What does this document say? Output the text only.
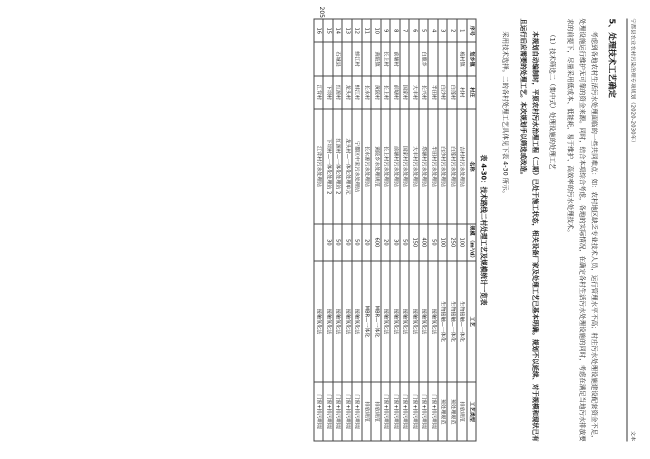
宁都县农业农村污染治理专项规划（2020-2030年）
文本
5、处理技术工艺确定

考虑到各地农村生活污水处理面临的一些共同难点：如：农村地区缺乏专业技术人员，运行管理水平不高；村庄污水处理设施建设配套资金不足，处理设施运行维护无可靠的资金来源。同时，结合本项综合考虑，各地的实际情况，在确定各村生活污水处理设施的同时，考虑在满足当地污水排放要求的前提下，尽量采用低成本、低能耗、易于维护、高效率的污水处理技术。

（1）技术筛选二（集中式）处理设施的处理工艺

本规划自动编制时，平原农村污水治理工程（二期）已处于施工状态，相关设备厂家及处理工艺已基本明确。规划不以延续、对于规模和现状已有且运行后应需要的处理工艺。本次规划手以筛选或改造。

采用技术选择。二的各村处理工艺具体见下表 4-30 所示。

表 4-30：技术路线二村处理工艺及规模统计一览表
序号	划乡镇	村庄	名称	规模 （m³/d）	工艺	工艺类型
1	梅村镇	村村	吉村村污水处理站	100	生物接触—一体化	排放规范
2		白莲村	白莲村污水处理站	250	生物接触—一体化	预处理规范
3		白沙村	白沙村污水处理站	100	生物接触—一体化	预处理规范
4		半田村	半田村污水处理站	50	接触氧化法	门窗+排污明堤
5	白鹿乡	长兴村	塔塘村污水处理站	400	接触氧化法	门窗+排污明堤
6		大丰村	大丰村污水处理站	150	接触氧化法	门窗+排污明堤
7		国家村	国家村污水处理站	50	接触氧化法	门窗+排污明堤
8	前塘村	前塘村	前塘村污水处理站	30	接触氧化法	门窗+排污明堤
9	长上村	长上村	长上村污水处理站	20	接触氧化法	门窗+排污明堤
10	黄陂镇	黄陂村	黄陂乡水处理规范	600	MBR—一体化	排放规范
11		长水村	长水源污水处理站	20	MBR—一体化	排放规范
12	蚌江村	蚌江村	宁都区中家污水处理站	50	接触氧化法	门窗+排污明堤
13		龙头村	龙头村—一体化处理单元	50	接触氧化法	门窗+排污明堤
14	石城县	红源村	红源村—一体化处理站 2	50	接触氧化法	门窗+排污明堤
15		下坝村	下坝村—一体化处理站 2	30	接触氧化法	门窗+排污明堤
16		江背村	江背村污水处理站		接触氧化法	门窗+排污明堤
205
